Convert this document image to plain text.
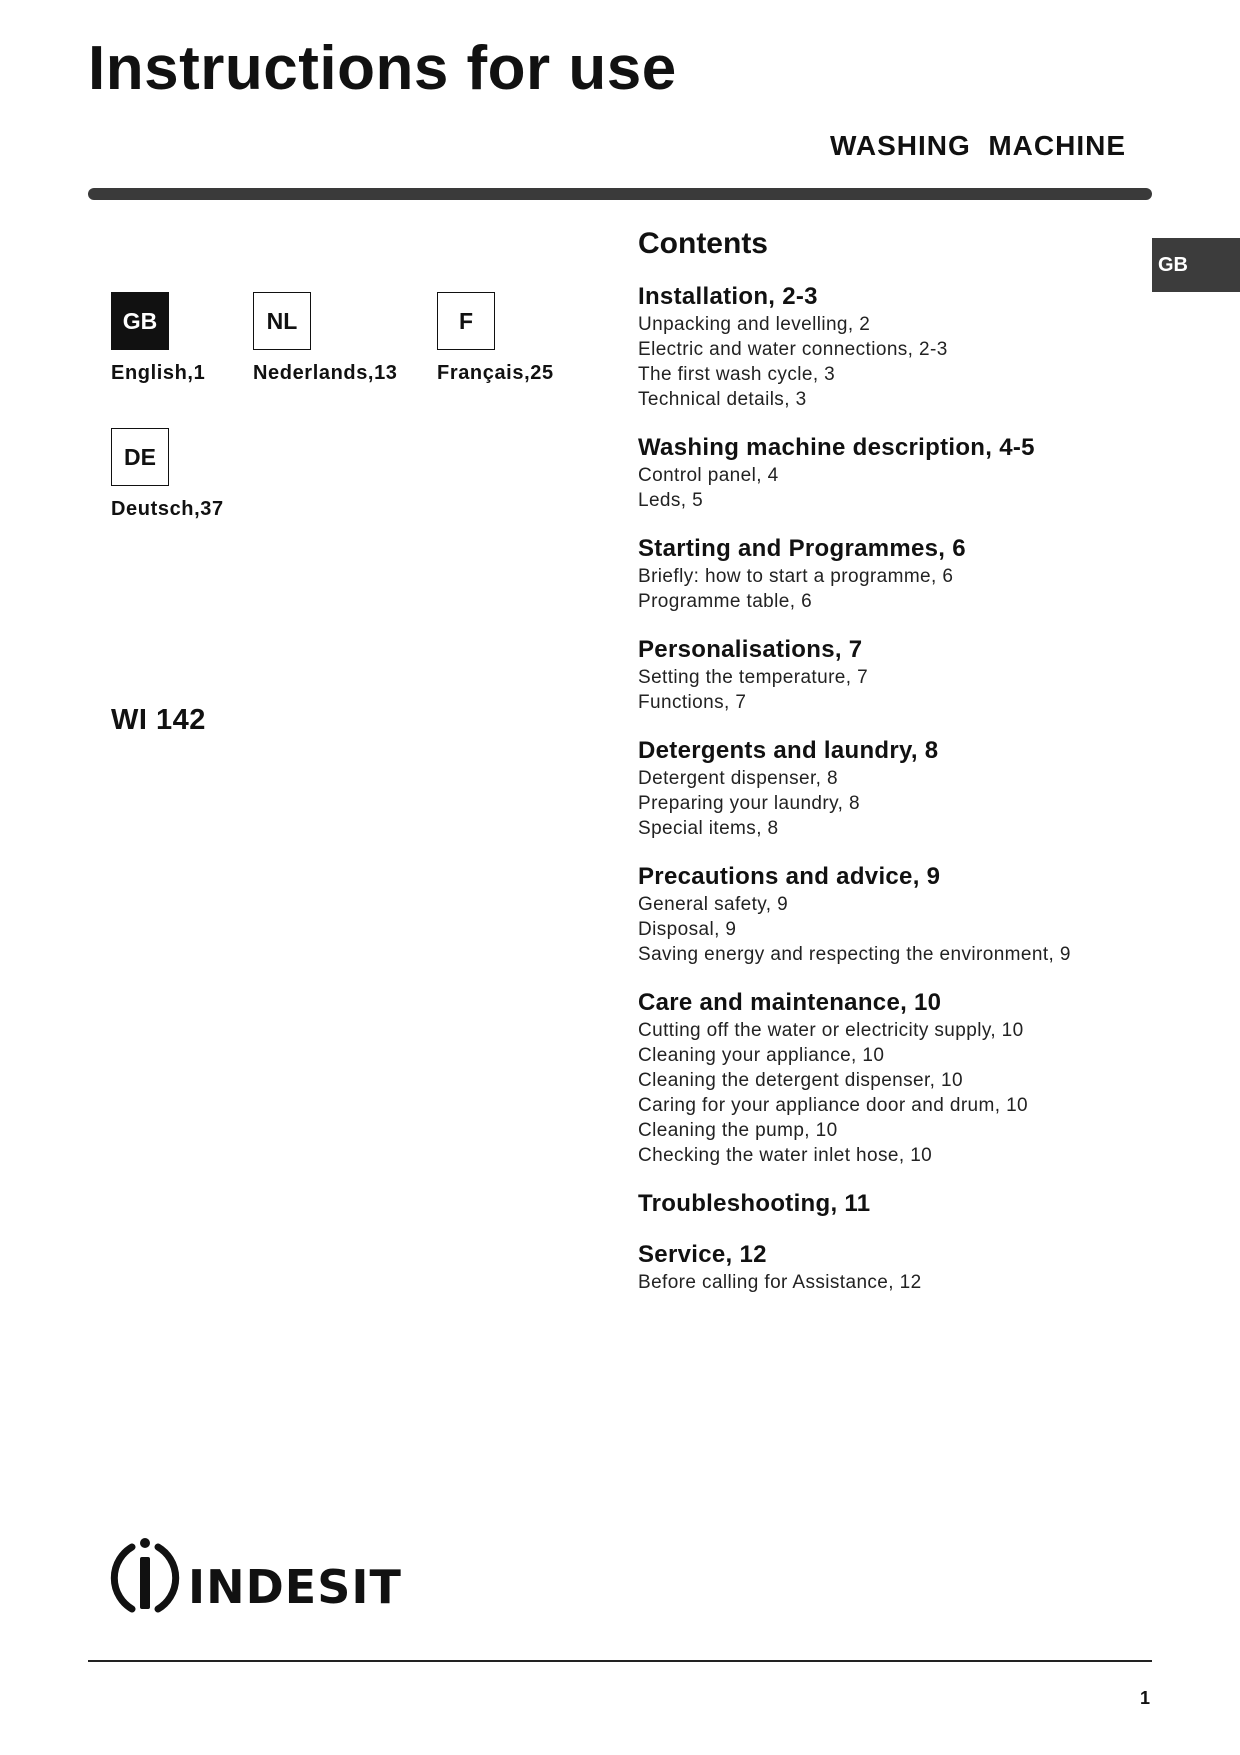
Instructions for use
WASHING  MACHINE
GB
GB
English,1
NL
Nederlands,13
F
Français,25
DE
Deutsch,37
WI 142
Contents
Installation, 2-3
Unpacking and levelling, 2
Electric and water connections, 2-3
The first wash cycle, 3
Technical details, 3
Washing machine description, 4-5
Control panel, 4
Leds, 5
Starting and Programmes, 6
Briefly: how to start a programme, 6
Programme table, 6
Personalisations, 7
Setting the temperature, 7
Functions, 7
Detergents and laundry, 8
Detergent dispenser, 8
Preparing your laundry, 8
Special items, 8
Precautions and advice, 9
General safety, 9
Disposal, 9
Saving energy and respecting the environment, 9
Care and maintenance, 10
Cutting off the water or electricity supply, 10
Cleaning your appliance, 10
Cleaning the detergent dispenser, 10
Caring for your appliance door and drum, 10
Cleaning the pump, 10
Checking the water inlet hose, 10
Troubleshooting, 11
Service, 12
Before calling for Assistance, 12
INDESIT
1
